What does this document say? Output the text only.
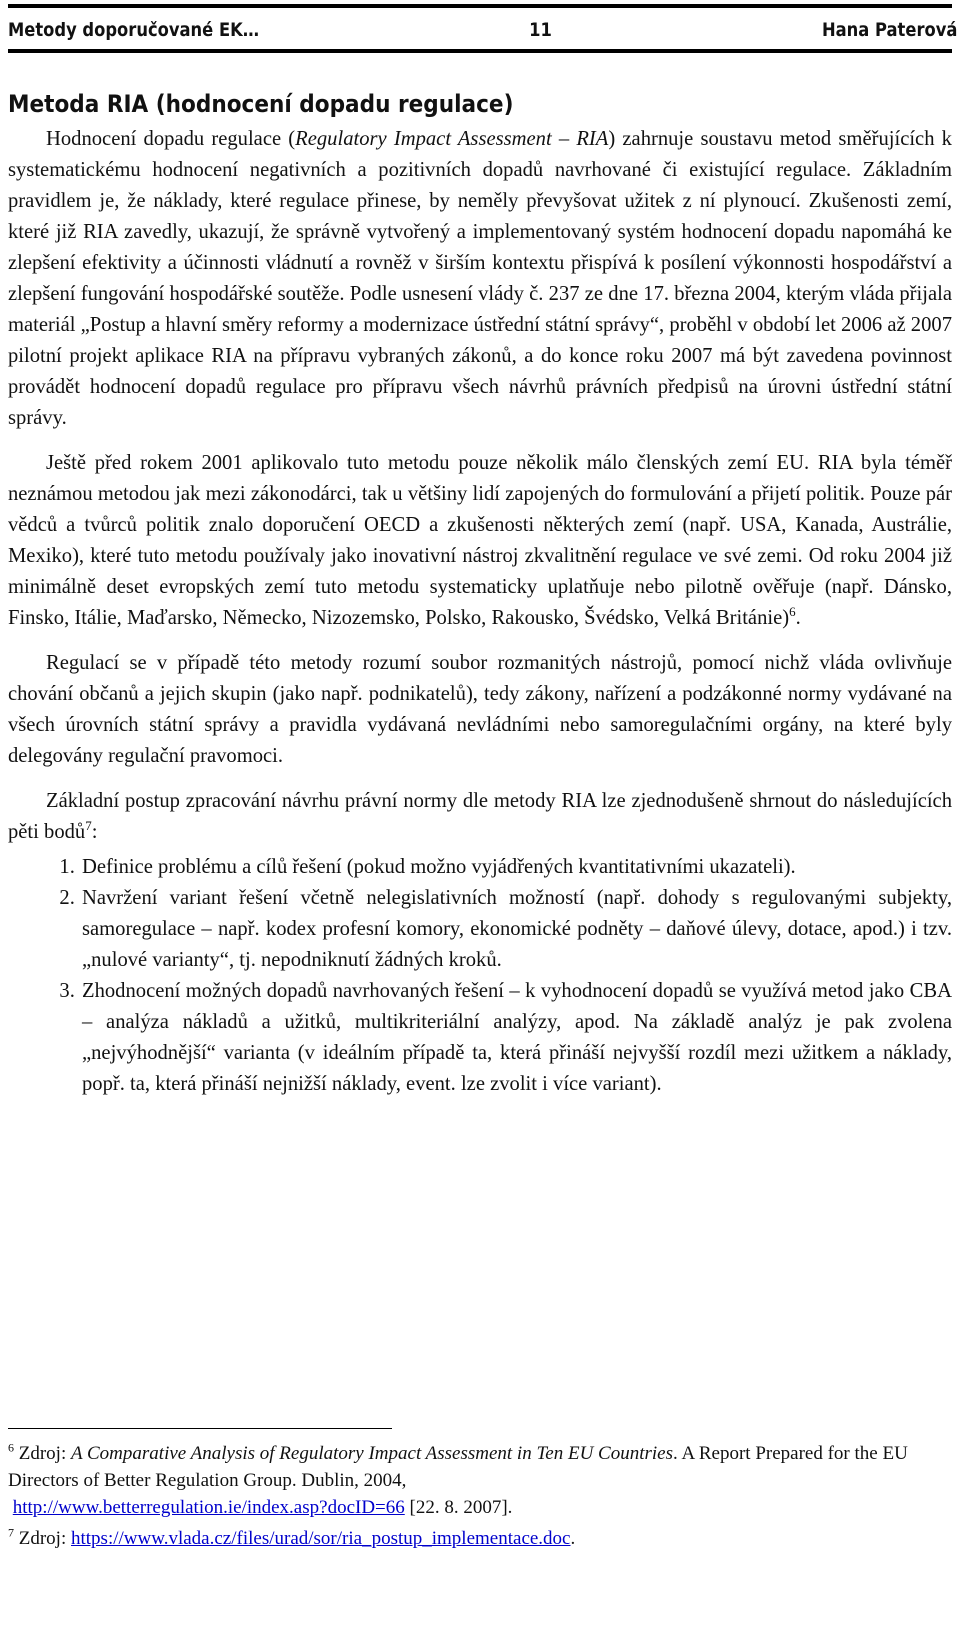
Metody doporučované EK…	11	Hana Paterová
Metoda RIA (hodnocení dopadu regulace)

Hodnocení dopadu regulace (Regulatory Impact Assessment – RIA) zahrnuje soustavu metod směřujících k systematickému hodnocení negativních a pozitivních dopadů navrhované či existující regulace. Základním pravidlem je, že náklady, které regulace přinese, by neměly převyšovat užitek z ní plynoucí. Zkušenosti zemí, které již RIA zavedly, ukazují, že správně vytvořený a implementovaný systém hodnocení dopadu napomáhá ke zlepšení efektivity a účinnosti vládnutí a rovněž v širším kontextu přispívá k posílení výkonnosti hospodářství a zlepšení fungování hospodářské soutěže. Podle usnesení vlády č. 237 ze dne 17. března 2004, kterým vláda přijala materiál „Postup a hlavní směry reformy a modernizace ústřední státní správy“, proběhl v období let 2006 až 2007 pilotní projekt aplikace RIA na přípravu vybraných zákonů, a do konce roku 2007 má být zavedena povinnost provádět hodnocení dopadů regulace pro přípravu všech návrhů právních předpisů na úrovni ústřední státní správy.

Ještě před rokem 2001 aplikovalo tuto metodu pouze několik málo členských zemí EU. RIA byla téměř neznámou metodou jak mezi zákonodárci, tak u většiny lidí zapojených do formulování a přijetí politik. Pouze pár vědců a tvůrců politik znalo doporučení OECD a zkušenosti některých zemí (např. USA, Kanada, Austrálie, Mexiko), které tuto metodu používaly jako inovativní nástroj zkvalitnění regulace ve své zemi. Od roku 2004 již minimálně deset evropských zemí tuto metodu systematicky uplatňuje nebo pilotně ověřuje (např. Dánsko, Finsko, Itálie, Maďarsko, Německo, Nizozemsko, Polsko, Rakousko, Švédsko, Velká Británie)$^6$.

Regulací se v případě této metody rozumí soubor rozmanitých nástrojů, pomocí nichž vláda ovlivňuje chování občanů a jejich skupin (jako např. podnikatelů), tedy zákony, nařízení a podzákonné normy vydávané na všech úrovních státní správy a pravidla vydávaná nevládními nebo samoregulačními orgány, na které byly delegovány regulační pravomoci.

Základní postup zpracování návrhu právní normy dle metody RIA lze zjednodušeně shrnout do následujících pěti bodů$^7$:

1. Definice problému a cílů řešení (pokud možno vyjádřených kvantitativními ukazateli).
2. Navržení variant řešení včetně nelegislativních možností (např. dohody s regulovanými subjekty, samoregulace – např. kodex profesní komory, ekonomické podněty – daňové úlevy, dotace, apod.) i tzv. „nulové varianty“, tj. nepodniknutí žádných kroků.
3. Zhodnocení možných dopadů navrhovaných řešení – k vyhodnocení dopadů se využívá metod jako CBA – analýza nákladů a užitků, multikriteriální analýzy, apod. Na základě analýz je pak zvolena „nejvýhodnější“ varianta (v ideálním případě ta, která přináší nejvyšší rozdíl mezi užitkem a náklady, popř. ta, která přináší nejnižší náklady, event. lze zvolit i více variant).

$^6$ Zdroj: A Comparative Analysis of Regulatory Impact Assessment in Ten EU Countries. A Report Prepared for the EU Directors of Better Regulation Group. Dublin, 2004,
http://www.betterregulation.ie/index.asp?docID=66 [22. 8. 2007].

$^7$ Zdroj: https://www.vlada.cz/files/urad/sor/ria_postup_implementace.doc.
